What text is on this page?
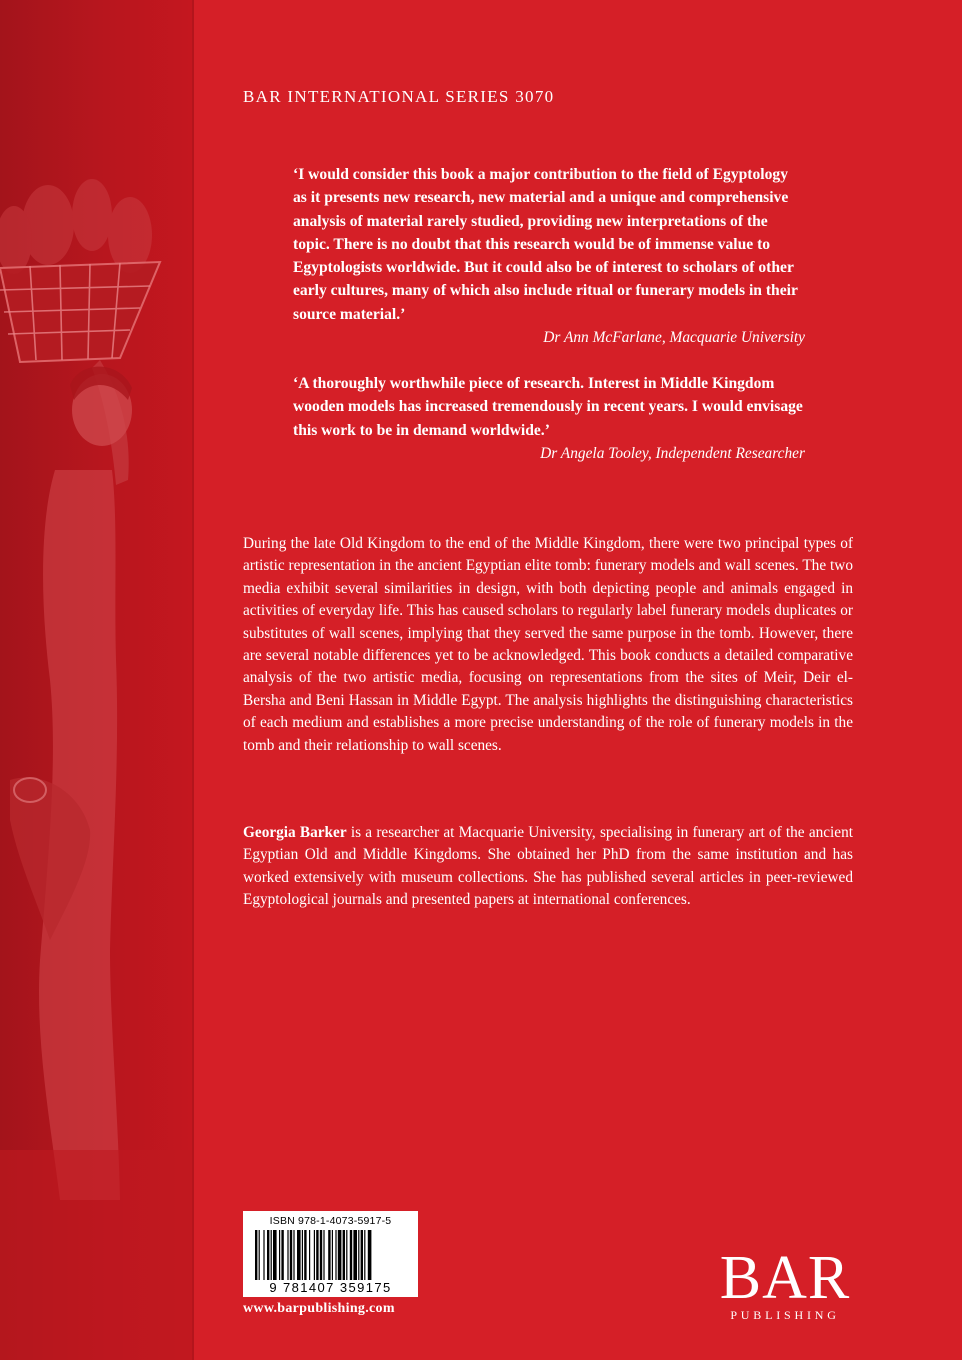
BAR INTERNATIONAL SERIES 3070

‘I would consider this book a major contribution to the field of Egyptology as it presents new research, new material and a unique and comprehensive analysis of material rarely studied, providing new interpretations of the topic. There is no doubt that this research would be of immense value to Egyptologists worldwide. But it could also be of interest to scholars of other early cultures, many of which also include ritual or funerary models in their source material.’

Dr Ann McFarlane, Macquarie University

‘A thoroughly worthwhile piece of research. Interest in Middle Kingdom wooden models has increased tremendously in recent years. I would envisage this work to be in demand worldwide.’

Dr Angela Tooley, Independent Researcher

During the late Old Kingdom to the end of the Middle Kingdom, there were two principal types of artistic representation in the ancient Egyptian elite tomb: funerary models and wall scenes. The two media exhibit several similarities in design, with both depicting people and animals engaged in activities of everyday life. This has caused scholars to regularly label funerary models duplicates or substitutes of wall scenes, implying that they served the same purpose in the tomb. However, there are several notable differences yet to be acknowledged. This book conducts a detailed comparative analysis of the two artistic media, focusing on representations from the sites of Meir, Deir el-Bersha and Beni Hassan in Middle Egypt. The analysis highlights the distinguishing characteristics of each medium and establishes a more precise understanding of the role of funerary models in the tomb and their relationship to wall scenes.

Georgia Barker is a researcher at Macquarie University, specialising in funerary art of the ancient Egyptian Old and Middle Kingdoms. She obtained her PhD from the same institution and has worked extensively with museum collections. She has published several articles in peer-reviewed Egyptological journals and presented papers at international conferences.

ISBN 978-1-4073-5917-5
9 781407 359175
www.barpublishing.com	BAR
PUBLISHING
